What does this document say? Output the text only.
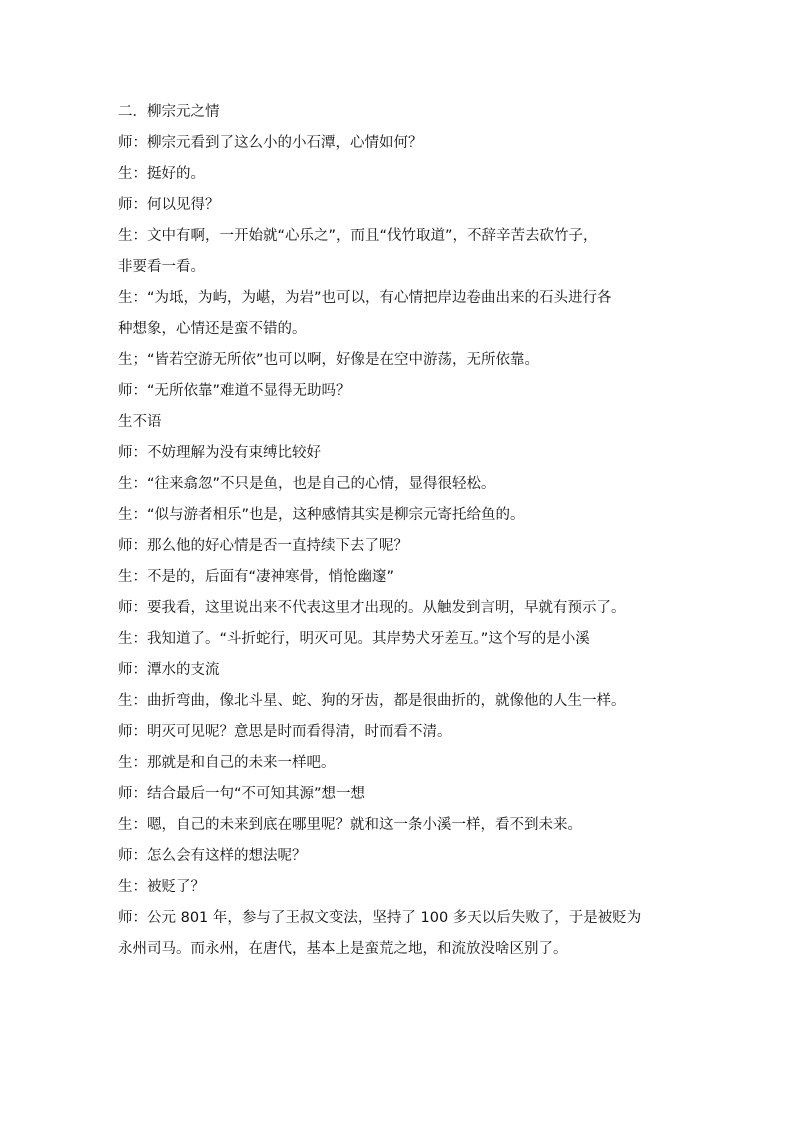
二．柳宗元之情
师：柳宗元看到了这么小的小石潭，心情如何？
生：挺好的。
师：何以见得？
生：文中有啊，一开始就“心乐之”，而且“伐竹取道”，不辞辛苦去砍竹子，
非要看一看。
生：“为坻，为屿，为嵁，为岩”也可以，有心情把岸边卷曲出来的石头进行各
种想象，心情还是蛮不错的。
生；“皆若空游无所依”也可以啊，好像是在空中游荡，无所依靠。
师：“无所依靠”难道不显得无助吗？
生不语
师：不妨理解为没有束缚比较好
生：“往来翕忽”不只是鱼，也是自己的心情，显得很轻松。
生：“似与游者相乐”也是，这种感情其实是柳宗元寄托给鱼的。
师：那么他的好心情是否一直持续下去了呢？
生：不是的，后面有“凄神寒骨，悄怆幽邃”
师：要我看，这里说出来不代表这里才出现的。从触发到言明，早就有预示了。
生：我知道了。“斗折蛇行，明灭可见。其岸势犬牙差互。”这个写的是小溪
师：潭水的支流
生：曲折弯曲，像北斗星、蛇、狗的牙齿，都是很曲折的，就像他的人生一样。
师：明灭可见呢？意思是时而看得清，时而看不清。
生：那就是和自己的未来一样吧。
师：结合最后一句“不可知其源”想一想
生：嗯，自己的未来到底在哪里呢？就和这一条小溪一样，看不到未来。
师：怎么会有这样的想法呢？
生：被贬了？
师：公元 801 年，参与了王叔文变法，坚持了 100 多天以后失败了，于是被贬为
永州司马。而永州，在唐代，基本上是蛮荒之地，和流放没啥区别了。
